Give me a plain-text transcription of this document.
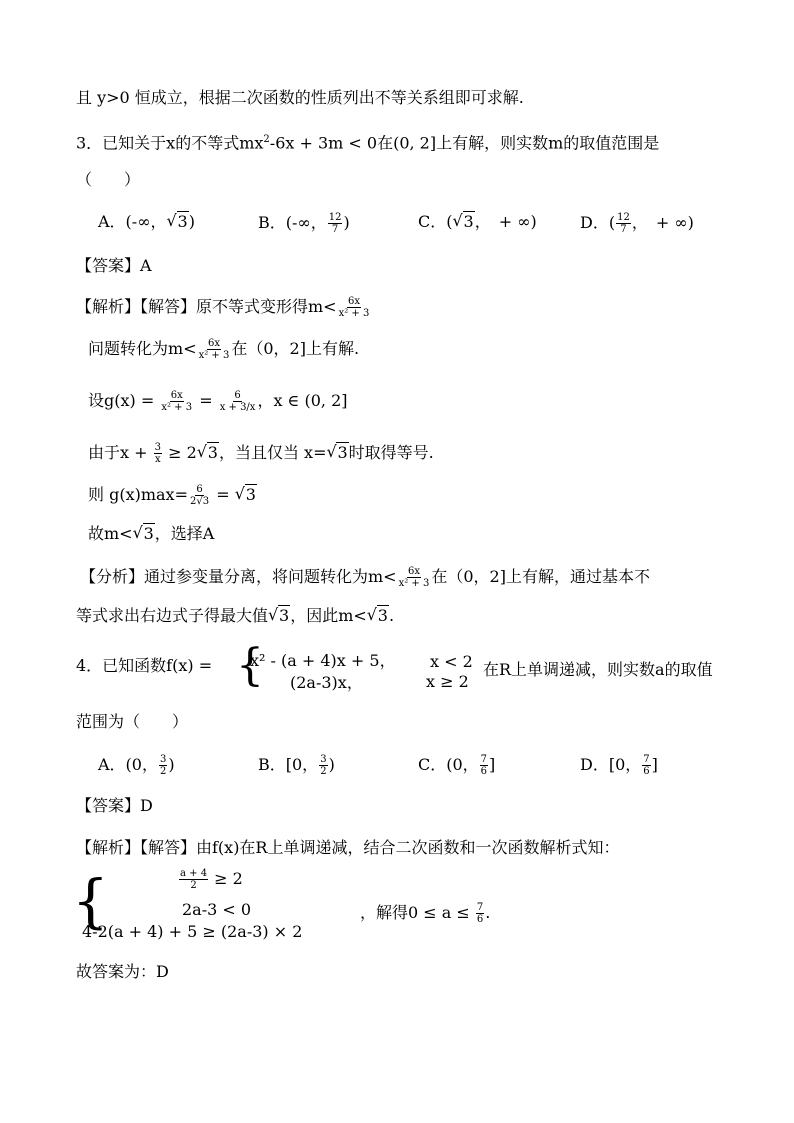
且 y>0 恒成立，根据二次函数的性质列出不等关系组即可求解.
3．已知关于x的不等式$mx^2-6x + 3m < 0$在(0, 2]上有解，则实数m的取值范围是
（　　）
A．(-∞，√ 3)	B．(-∞， $\frac{12}{7}$ )	C．(√ 3，　+ ∞)	D．( $\frac{12}{7}$ ，　+ ∞)
【答案】A
【解析】【解答】原不等式变形得$m< \frac{6x}{\text{x² + 3}}$
问题转化为$m< \frac{6x}{\text{x² + 3}}$ 在（0，2]上有解.
设$g(x) = \frac{6x}{\text{x² + 3}} = \frac{6}{x + 3/x}$ ，x ∈ (0, 2]
由于$x + \frac{3}{x} \ge 2√$ 3，当且仅当 x=√ 3时取得等号.
则 $g(x)\max= \frac{6}{2√3}$ = √ 3
故m<√ 3，选择A
【分析】通过参变量分离，将问题转化为$m< \frac{6x}{\text{x² + 3}}$ 在（0，2]上有解，通过基本不
等式求出右边式子得最大值√ 3，因此m<√ 3.
4．已知函数f(x) = {
x² - (a + 4)x + 5， x < 2
(2a-3)x，	x ≥ 2
在R上单调递减，则实数a的取值
范围为（　　）
A．(0， $\frac{3}{2}$ )	B．[0， $\frac{3}{2}$ )	C．(0， $\frac{7}{6}$ ]	D．[0， $\frac{7}{6}$ ]
【答案】D
【解析】【解答】由f(x)在R上单调递减，结合二次函数和一次函数解析式知：
{	$\frac{a + 4}{2} \ge 2$
2a-3 < 0
4-2(a + 4) + 5 ≥ (2a-3) × 2
，解得$0 \le a \le \frac{7}{6}$ .
故答案为：D
